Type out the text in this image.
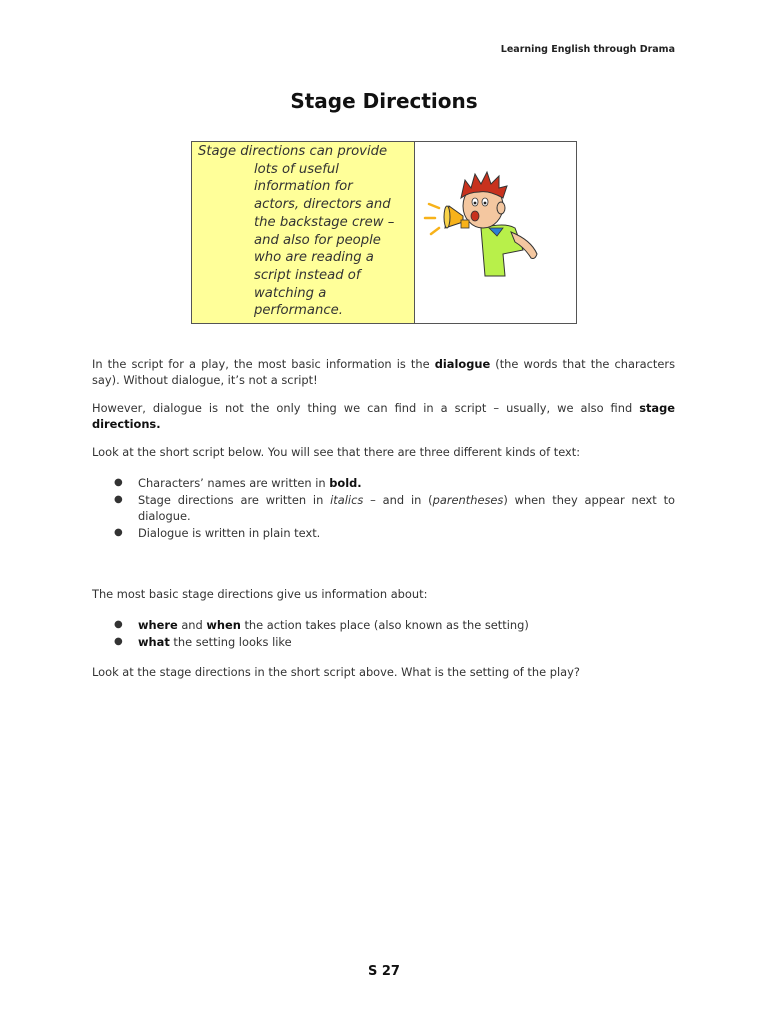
Learning English through Drama
Stage Directions
Stage directions can provide
lots of useful
information for
actors, directors and
the backstage crew –
and also for people
who are reading a
script instead of
watching a
performance.

In the script for a play, the most basic information is the dialogue (the words that the characters say). Without dialogue, it’s not a script!

However, dialogue is not the only thing we can find in a script – usually, we also find stage directions.

Look at the short script below. You will see that there are three different kinds of text:

● Characters’ names are written in bold.
● Stage directions are written in italics – and in (parentheses) when they appear next to dialogue.
● Dialogue is written in plain text.

The most basic stage directions give us information about:

● where and when the action takes place (also known as the setting)
● what the setting looks like

Look at the stage directions in the short script above. What is the setting of the play?

S 27
